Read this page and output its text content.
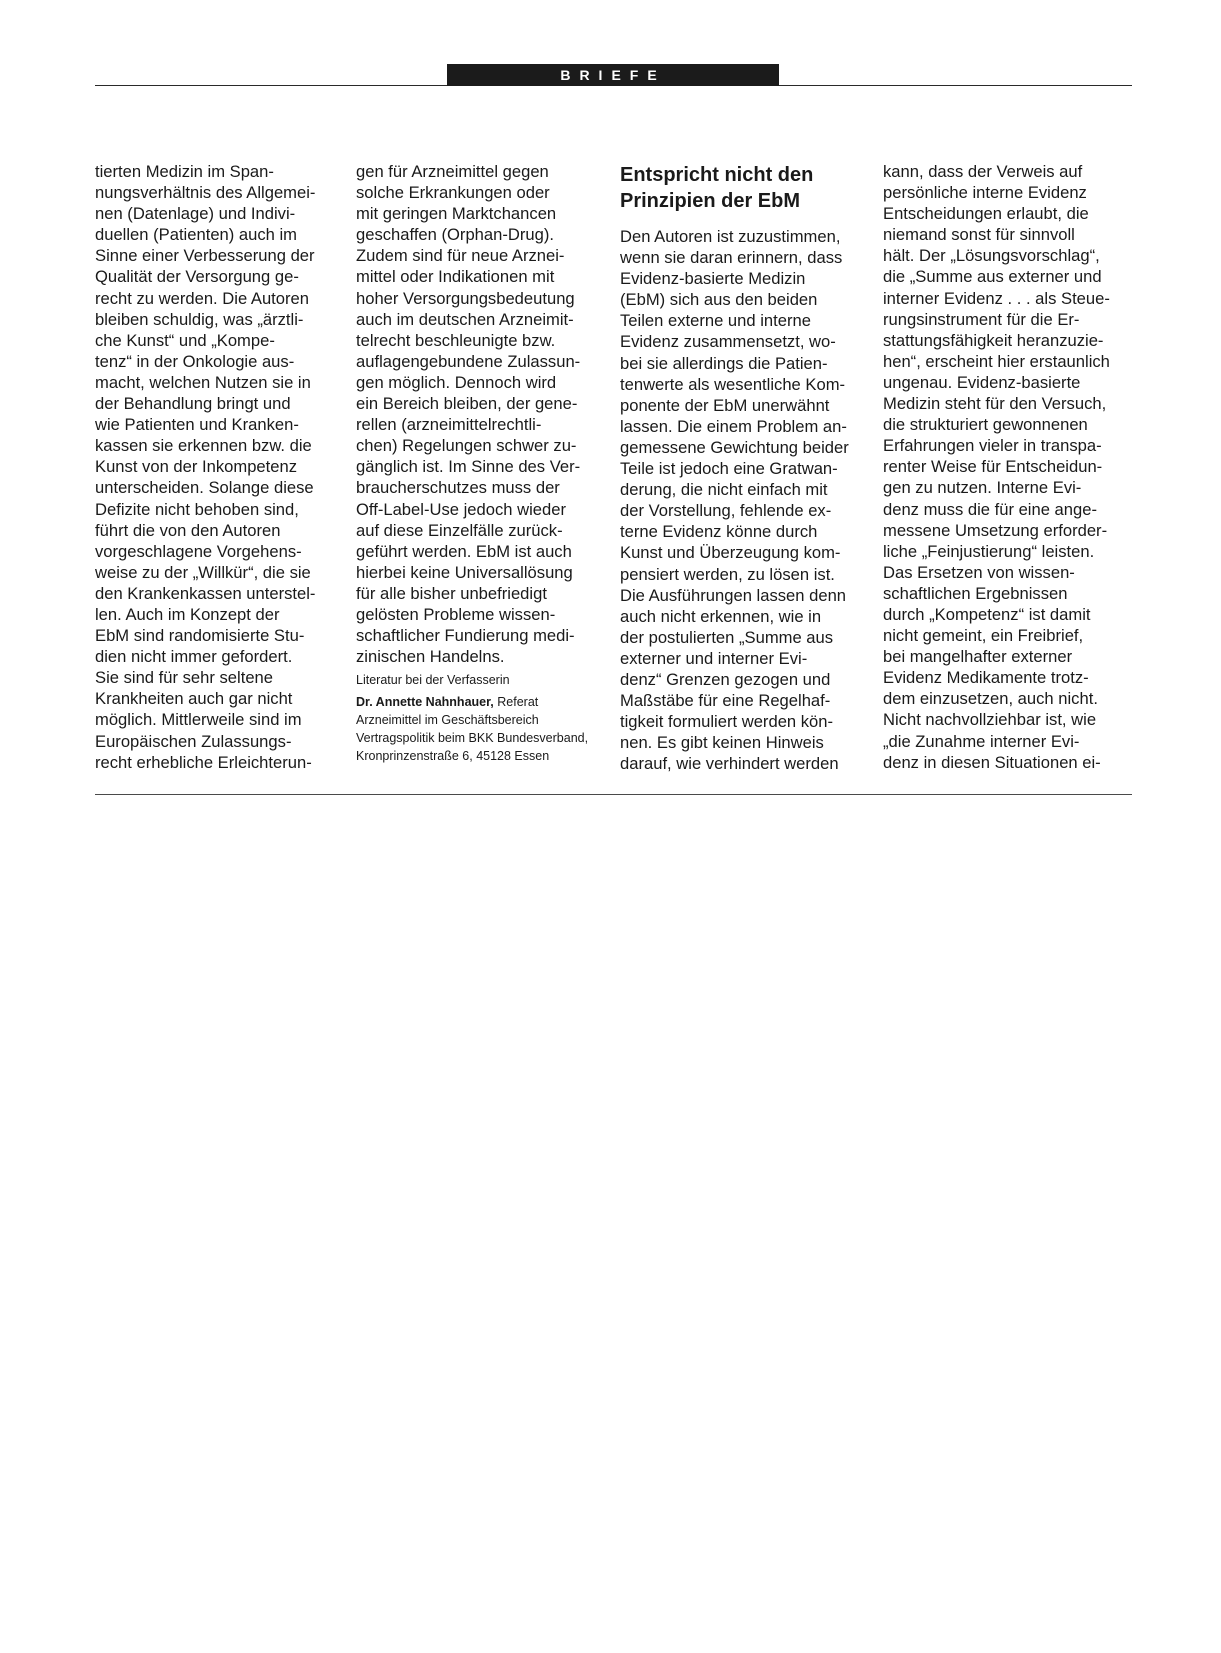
BRIEFE
tierten Medizin im Span-
nungsverhältnis des Allgemei-
nen (Datenlage) und Indivi-
duellen (Patienten) auch im
Sinne einer Verbesserung der
Qualität der Versorgung ge-
recht zu werden. Die Autoren
bleiben schuldig, was „ärztli-
che Kunst“ und „Kompe-
tenz“ in der Onkologie aus-
macht, welchen Nutzen sie in
der Behandlung bringt und
wie Patienten und Kranken-
kassen sie erkennen bzw. die
Kunst von der Inkompetenz
unterscheiden. Solange diese
Defizite nicht behoben sind,
führt die von den Autoren
vorgeschlagene Vorgehens-
weise zu der „Willkür“, die sie
den Krankenkassen unterstel-
len. Auch im Konzept der
EbM sind randomisierte Stu-
dien nicht immer gefordert.
Sie sind für sehr seltene
Krankheiten auch gar nicht
möglich. Mittlerweile sind im
Europäischen Zulassungs-
recht erhebliche Erleichterun-
gen für Arzneimittel gegen
solche Erkrankungen oder
mit geringen Marktchancen
geschaffen (Orphan-Drug).
Zudem sind für neue Arznei-
mittel oder Indikationen mit
hoher Versorgungsbedeutung
auch im deutschen Arzneimit-
telrecht beschleunigte bzw.
auflagengebundene Zulassun-
gen möglich. Dennoch wird
ein Bereich bleiben, der gene-
rellen (arzneimittelrechtli-
chen) Regelungen schwer zu-
gänglich ist. Im Sinne des Ver-
braucherschutzes muss der
Off-Label-Use jedoch wieder
auf diese Einzelfälle zurück-
geführt werden. EbM ist auch
hierbei keine Universallösung
für alle bisher unbefriedigt
gelösten Probleme wissen-
schaftlicher Fundierung medi-
zinischen Handelns.
Literatur bei der Verfasserin
Dr. Annette Nahnhauer, Referat
Arzneimittel im Geschäftsbereich
Vertragspolitik beim BKK Bundesverband,
Kronprinzenstraße 6, 45128 Essen
Entspricht nicht den
Prinzipien der EbM
Den Autoren ist zuzustimmen,
wenn sie daran erinnern, dass
Evidenz-basierte Medizin
(EbM) sich aus den beiden
Teilen externe und interne
Evidenz zusammensetzt, wo-
bei sie allerdings die Patien-
tenwerte als wesentliche Kom-
ponente der EbM unerwähnt
lassen. Die einem Problem an-
gemessene Gewichtung beider
Teile ist jedoch eine Gratwan-
derung, die nicht einfach mit
der Vorstellung, fehlende ex-
terne Evidenz könne durch
Kunst und Überzeugung kom-
pensiert werden, zu lösen ist.
Die Ausführungen lassen denn
auch nicht erkennen, wie in
der postulierten „Summe aus
externer und interner Evi-
denz“ Grenzen gezogen und
Maßstäbe für eine Regelhaf-
tigkeit formuliert werden kön-
nen. Es gibt keinen Hinweis
darauf, wie verhindert werden
kann, dass der Verweis auf
persönliche interne Evidenz
Entscheidungen erlaubt, die
niemand sonst für sinnvoll
hält. Der „Lösungsvorschlag“,
die „Summe aus externer und
interner Evidenz . . . als Steue-
rungsinstrument für die Er-
stattungsfähigkeit heranzuzie-
hen“, erscheint hier erstaunlich
ungenau. Evidenz-basierte
Medizin steht für den Versuch,
die strukturiert gewonnenen
Erfahrungen vieler in transpa-
renter Weise für Entscheidun-
gen zu nutzen. Interne Evi-
denz muss die für eine ange-
messene Umsetzung erforder-
liche „Feinjustierung“ leisten.
Das Ersetzen von wissen-
schaftlichen Ergebnissen
durch „Kompetenz“ ist damit
nicht gemeint, ein Freibrief,
bei mangelhafter externer
Evidenz Medikamente trotz-
dem einzusetzen, auch nicht.
Nicht nachvollziehbar ist, wie
„die Zunahme interner Evi-
denz in diesen Situationen ei-
